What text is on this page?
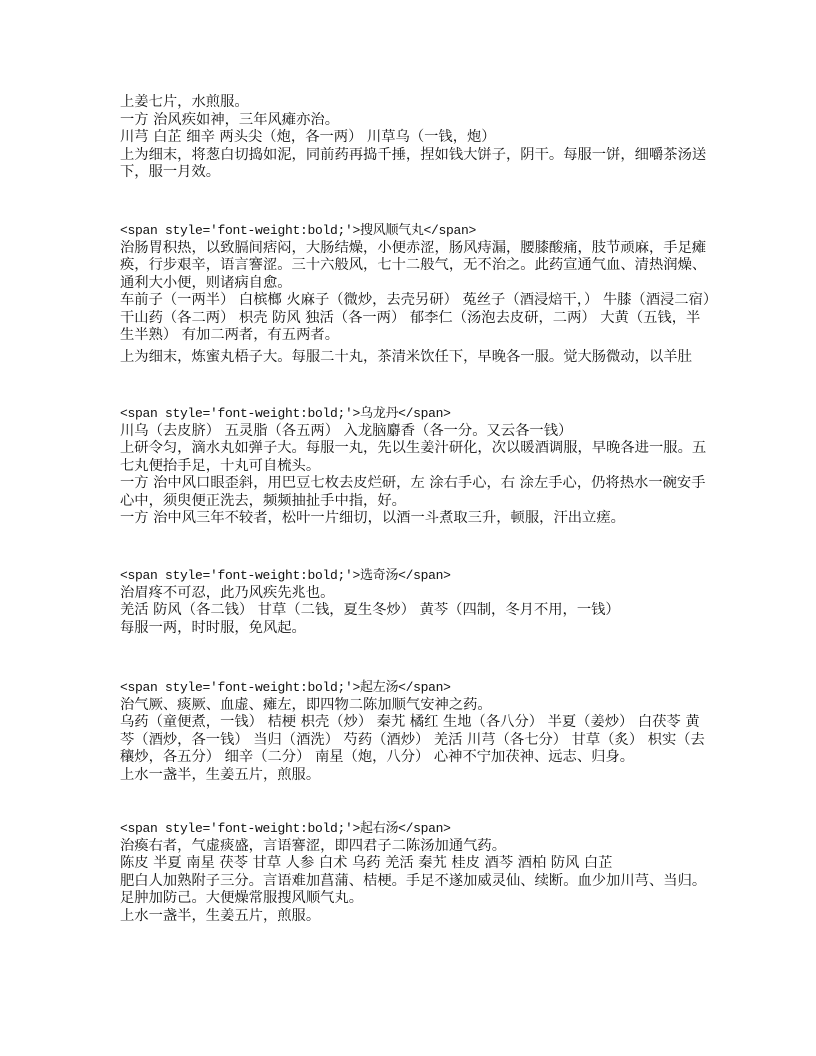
上姜七片，水煎服。
一方 治风疾如神，三年风瘫亦治。
川芎 白芷 细辛 两头尖（炮，各一两） 川草乌（一钱，炮）
上为细末，将葱白切捣如泥，同前药再捣千捶，捏如钱大饼子，阴干。每服一饼，细嚼茶汤送
下，服一月效。
<span style='font-weight:bold;'>搜风顺气丸</span>
治肠胃积热，以致膈间痞闷，大肠结燥，小便赤涩，肠风痔漏，腰膝酸痛，肢节顽麻，手足瘫
痪，行步艰辛，语言謇涩。三十六般风，七十二般气，无不治之。此药宣通气血、清热润燥、
通利大小便，则诸病自愈。
车前子（一两半） 白槟榔 火麻子（微炒，去壳另研） 菟丝子（酒浸焙干，） 牛膝（酒浸二宿）
干山药（各二两） 枳壳 防风 独活（各一两） 郁李仁（汤泡去皮研，二两） 大黄（五钱，半
生半熟） 有加二两者，有五两者。
上为细末，炼蜜丸梧子大。每服二十丸，茶清米饮任下，早晚各一服。觉大肠微动，以羊肚
<span style='font-weight:bold;'>乌龙丹</span>
川乌（去皮脐） 五灵脂（各五两） 入龙脑麝香（各一分。又云各一钱）
上研令匀，滴水丸如弹子大。每服一丸，先以生姜汁研化，次以暖酒调服，早晚各进一服。五
七丸便抬手足，十丸可自梳头。
一方 治中风口眼歪斜，用巴豆七枚去皮烂研，左 涂右手心，右 涂左手心，仍将热水一碗安手
心中，须臾便正洗去，频频抽扯手中指，好。
一方 治中风三年不较者，松叶一片细切，以酒一斗煮取三升，顿服，汗出立瘥。
<span style='font-weight:bold;'>选奇汤</span>
治眉疼不可忍，此乃风疾先兆也。
羌活 防风（各二钱） 甘草（二钱，夏生冬炒） 黄芩（四制，冬月不用，一钱）
每服一两，时时服，免风起。
<span style='font-weight:bold;'>起左汤</span>
治气厥、痰厥、血虚、瘫左，即四物二陈加顺气安神之药。
乌药（童便煮，一钱） 桔梗 枳壳（炒） 秦艽 橘红 生地（各八分） 半夏（姜炒） 白茯苓 黄
芩（酒炒，各一钱） 当归（酒洗） 芍药（酒炒） 羌活 川芎（各七分） 甘草（炙） 枳实（去
穰炒，各五分） 细辛（二分） 南星（炮，八分） 心神不宁加茯神、远志、归身。
上水一盏半，生姜五片，煎服。
<span style='font-weight:bold;'>起右汤</span>
治瘓右者，气虚痰盛，言语謇涩，即四君子二陈汤加通气药。
陈皮 半夏 南星 茯苓 甘草 人参 白术 乌药 羌活 秦艽 桂皮 酒芩 酒柏 防风 白芷
肥白人加熟附子三分。言语难加菖蒲、桔梗。手足不遂加威灵仙、续断。血少加川芎、当归。
足肿加防己。大便燥常服搜风顺气丸。
上水一盏半，生姜五片，煎服。
